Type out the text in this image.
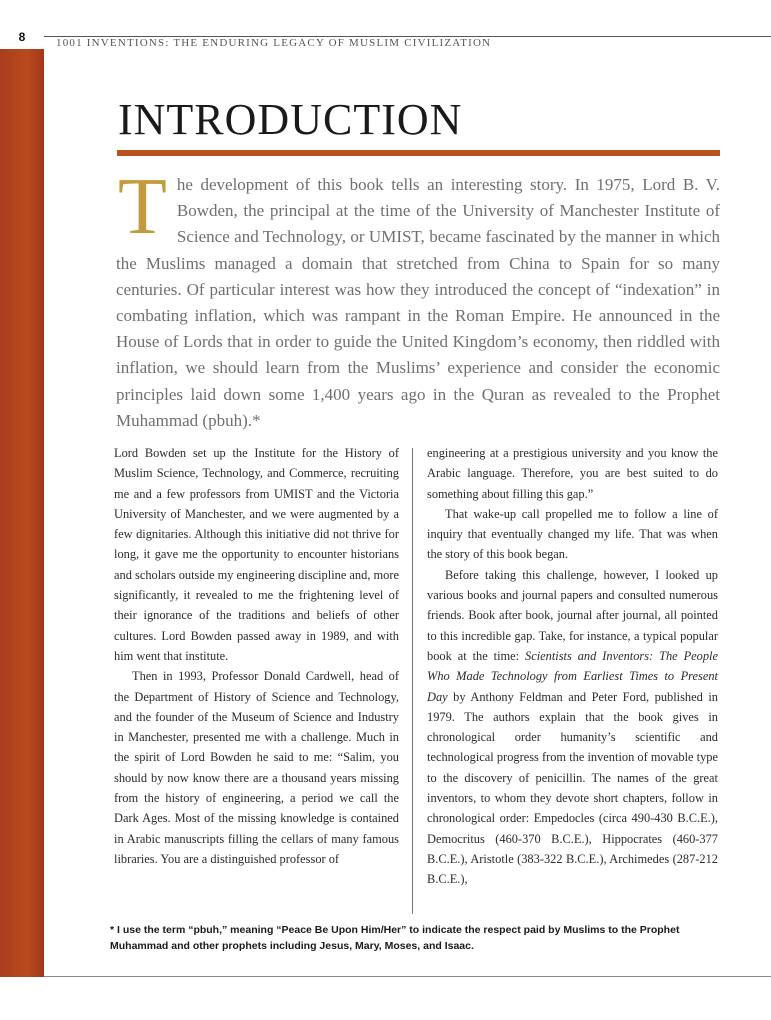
8	1001 INVENTIONS: THE ENDURING LEGACY OF MUSLIM CIVILIZATION
INTRODUCTION
T he development of this book tells an interesting story. In 1975, Lord B. V. Bowden, the principal at the time of the University of Manchester Institute of Science and Technology, or UMIST, became fascinated by the manner in which the Muslims managed a domain that stretched from China to Spain for so many centuries. Of particular interest was how they introduced the concept of “indexation” in combating inflation, which was rampant in the Roman Empire. He announced in the House of Lords that in order to guide the United Kingdom’s economy, then riddled with inflation, we should learn from the Muslims’ experience and consider the economic principles laid down some 1,400 years ago in the Quran as revealed to the Prophet Muhammad (pbuh).*

Lord Bowden set up the Institute for the History of Muslim Science, Technology, and Commerce, recruiting me and a few professors from UMIST and the Victoria University of Manchester, and we were augmented by a few dignitaries. Although this initiative did not thrive for long, it gave me the opportunity to encounter historians and scholars outside my engineering discipline and, more significantly, it revealed to me the frightening level of their ignorance of the traditions and beliefs of other cultures. Lord Bowden passed away in 1989, and with him went that institute.

Then in 1993, Professor Donald Cardwell, head of the Department of History of Science and Technology, and the founder of the Museum of Science and Industry in Manchester, presented me with a challenge. Much in the spirit of Lord Bowden he said to me: “Salim, you should by now know there are a thousand years missing from the history of engineering, a period we call the Dark Ages. Most of the missing knowledge is contained in Arabic manuscripts filling the cellars of many famous libraries. You are a distinguished professor of

engineering at a prestigious university and you know the Arabic language. Therefore, you are best suited to do something about filling this gap.”

That wake-up call propelled me to follow a line of inquiry that eventually changed my life. That was when the story of this book began.

Before taking this challenge, however, I looked up various books and journal papers and consulted numerous friends. Book after book, journal after journal, all pointed to this incredible gap. Take, for instance, a typical popular book at the time: Scientists and Inventors: The People Who Made Technology from Earliest Times to Present Day by Anthony Feldman and Peter Ford, published in 1979. The authors explain that the book gives in chronological order humanity’s scientific and technological progress from the invention of movable type to the discovery of penicillin. The names of the great inventors, to whom they devote short chapters, follow in chronological order: Empedocles (circa 490-430 B.C.E.), Democritus (460-370 B.C.E.), Hippocrates (460-377 B.C.E.), Aristotle (383-322 B.C.E.), Archimedes (287-212 B.C.E.),

* I use the term “pbuh,” meaning “Peace Be Upon Him/Her” to indicate the respect paid by Muslims to the Prophet Muhammad and other prophets including Jesus, Mary, Moses, and Isaac.
